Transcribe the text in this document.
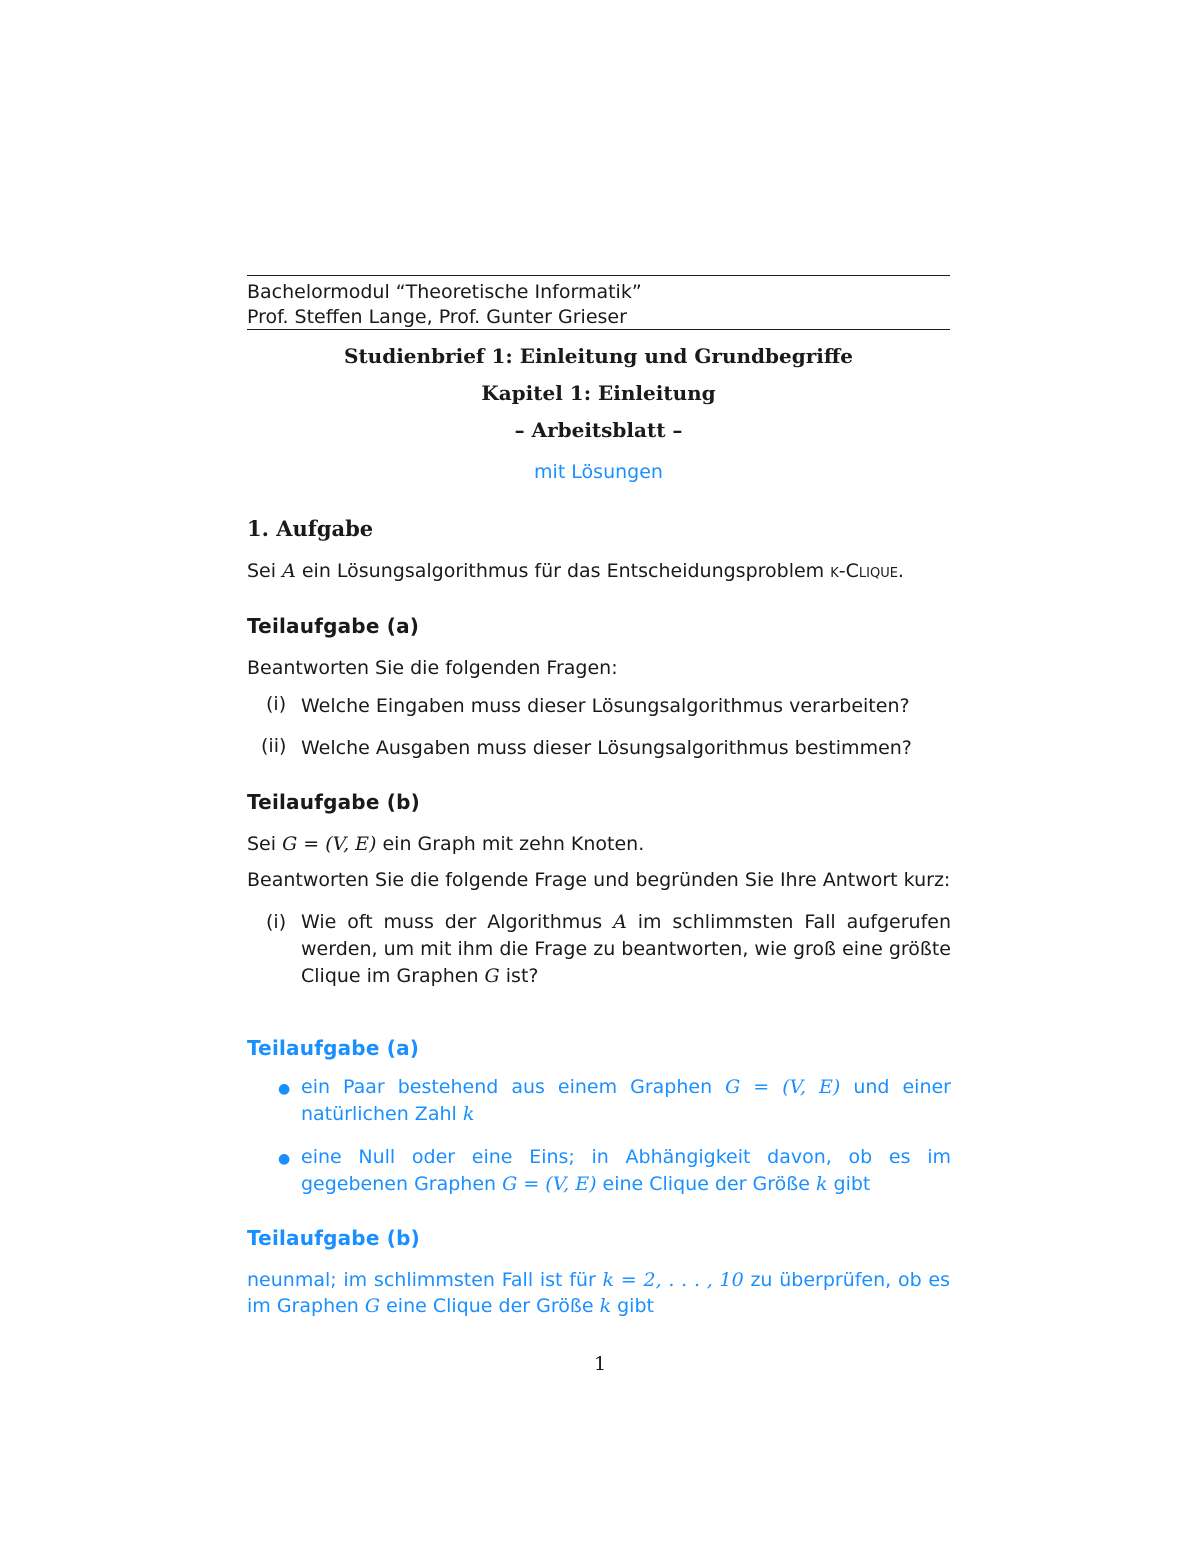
Bachelormodul “Theoretische Informatik”
Prof. Steffen Lange, Prof. Gunter Grieser
Studienbrief 1: Einleitung und Grundbegriffe
Kapitel 1: Einleitung
– Arbeitsblatt –
mit Lösungen
1. Aufgabe
Sei A ein Lösungsalgorithmus für das Entscheidungsproblem k-Clique.
Teilaufgabe (a)
Beantworten Sie die folgenden Fragen:
(i) Welche Eingaben muss dieser Lösungsalgorithmus verarbeiten?
(ii) Welche Ausgaben muss dieser Lösungsalgorithmus bestimmen?
Teilaufgabe (b)
Sei G = (V, E) ein Graph mit zehn Knoten.
Beantworten Sie die folgende Frage und begründen Sie Ihre Antwort kurz:
(i) Wie oft muss der Algorithmus A im schlimmsten Fall aufgerufen werden, um mit ihm die Frage zu beantworten, wie groß eine größte Clique im Graphen G ist?
Teilaufgabe (a)
● ein Paar bestehend aus einem Graphen G = (V, E) und einer natürlichen Zahl k
● eine Null oder eine Eins; in Abhängigkeit davon, ob es im gegebenen Graphen G = (V, E) eine Clique der Größe k gibt
Teilaufgabe (b)
neunmal; im schlimmsten Fall ist für k = 2, . . . , 10 zu überprüfen, ob es im Graphen G eine Clique der Größe k gibt
1
